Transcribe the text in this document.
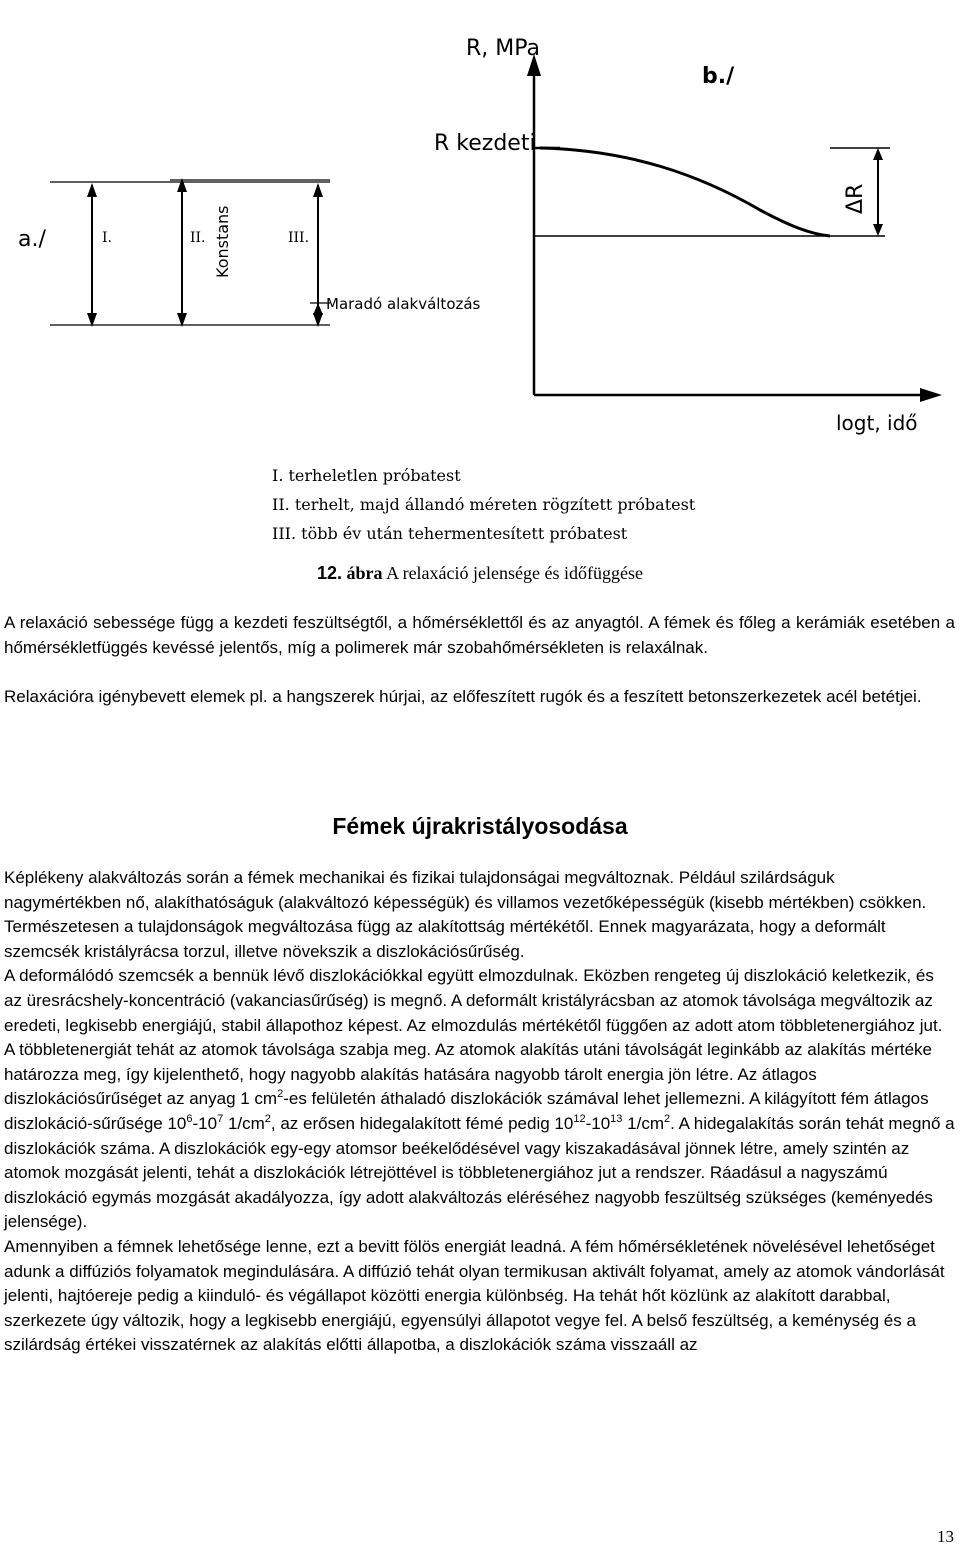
R, MPa
b./
R kezdeti
ΔR
a./	I.	II.	III.
Konstans
Maradó alakváltozás
logt, idő
I. terheletlen próbatest
II. terhelt, majd állandó méreten rögzített próbatest
III. több év után tehermentesített próbatest
12. ábra A relaxáció jelensége és időfüggése
A relaxáció sebessége függ a kezdeti feszültségtől, a hőmérséklettől és az anyagtól. A fémek és főleg a kerámiák esetében a hőmérsékletfüggés kevéssé jelentős, míg a polimerek már szobahőmérsékleten is relaxálnak.
Relaxációra igénybevett elemek pl. a hangszerek húrjai, az előfeszített rugók és a feszített betonszerkezetek acél betétjei.
Fémek újrakristályosodása
Képlékeny alakváltozás során a fémek mechanikai és fizikai tulajdonságai megváltoznak. Például szilárdságuk nagymértékben nő, alakíthatóságuk (alakváltozó képességük) és villamos vezetőképességük (kisebb mértékben) csökken. Természetesen a tulajdonságok megváltozása függ az alakítottság mértékétől. Ennek magyarázata, hogy a deformált szemcsék kristályrácsa torzul, illetve növekszik a diszlokációsűrűség.
A deformálódó szemcsék a bennük lévő diszlokációkkal együtt elmozdulnak. Eközben rengeteg új diszlokáció keletkezik, és az üresrácshely-koncentráció (vakanciasűrűség) is megnő. A deformált kristályrácsban az atomok távolsága megváltozik az eredeti, legkisebb energiájú, stabil állapothoz képest. Az elmozdulás mértékétől függően az adott atom többletenergiához jut. A többletenergiát tehát az atomok távolsága szabja meg. Az atomok alakítás utáni távolságát leginkább az alakítás mértéke határozza meg, így kijelenthető, hogy nagyobb alakítás hatására nagyobb tárolt energia jön létre. Az átlagos diszlokációsűrűséget az anyag 1 $cm^2-es$ felületén áthaladó diszlokációk számával lehet jellemezni. A kilágyított fém átlagos diszlokáció-sűrűsége $10^6-10^7$ $1/cm^2$, az erősen hidegalakított fémé pedig $10^{12}-10^{13}$ $1/cm^2$. A hidegalakítás során tehát megnő a diszlokációk száma. A diszlokációk egy-egy atomsor beékelődésével vagy kiszakadásával jönnek létre, amely szintén az atomok mozgását jelenti, tehát a diszlokációk létrejöttével is többletenergiához jut a rendszer. Ráadásul a nagyszámú diszlokáció egymás mozgását akadályozza, így adott alakváltozás eléréséhez nagyobb feszültség szükséges (keményedés jelensége).
Amennyiben a fémnek lehetősége lenne, ezt a bevitt fölös energiát leadná. A fém hőmérsékletének növelésével lehetőséget adunk a diffúziós folyamatok megindulására. A diffúzió tehát olyan termikusan aktivált folyamat, amely az atomok vándorlását jelenti, hajtóereje pedig a kiinduló- és végállapot közötti energia különbség. Ha tehát hőt közlünk az alakított darabbal, szerkezete úgy változik, hogy a legkisebb energiájú, egyensúlyi állapotot vegye fel. A belső feszültség, a keménység és a szilárdság értékei visszatérnek az alakítás előtti állapotba, a diszlokációk száma visszaáll az
13
